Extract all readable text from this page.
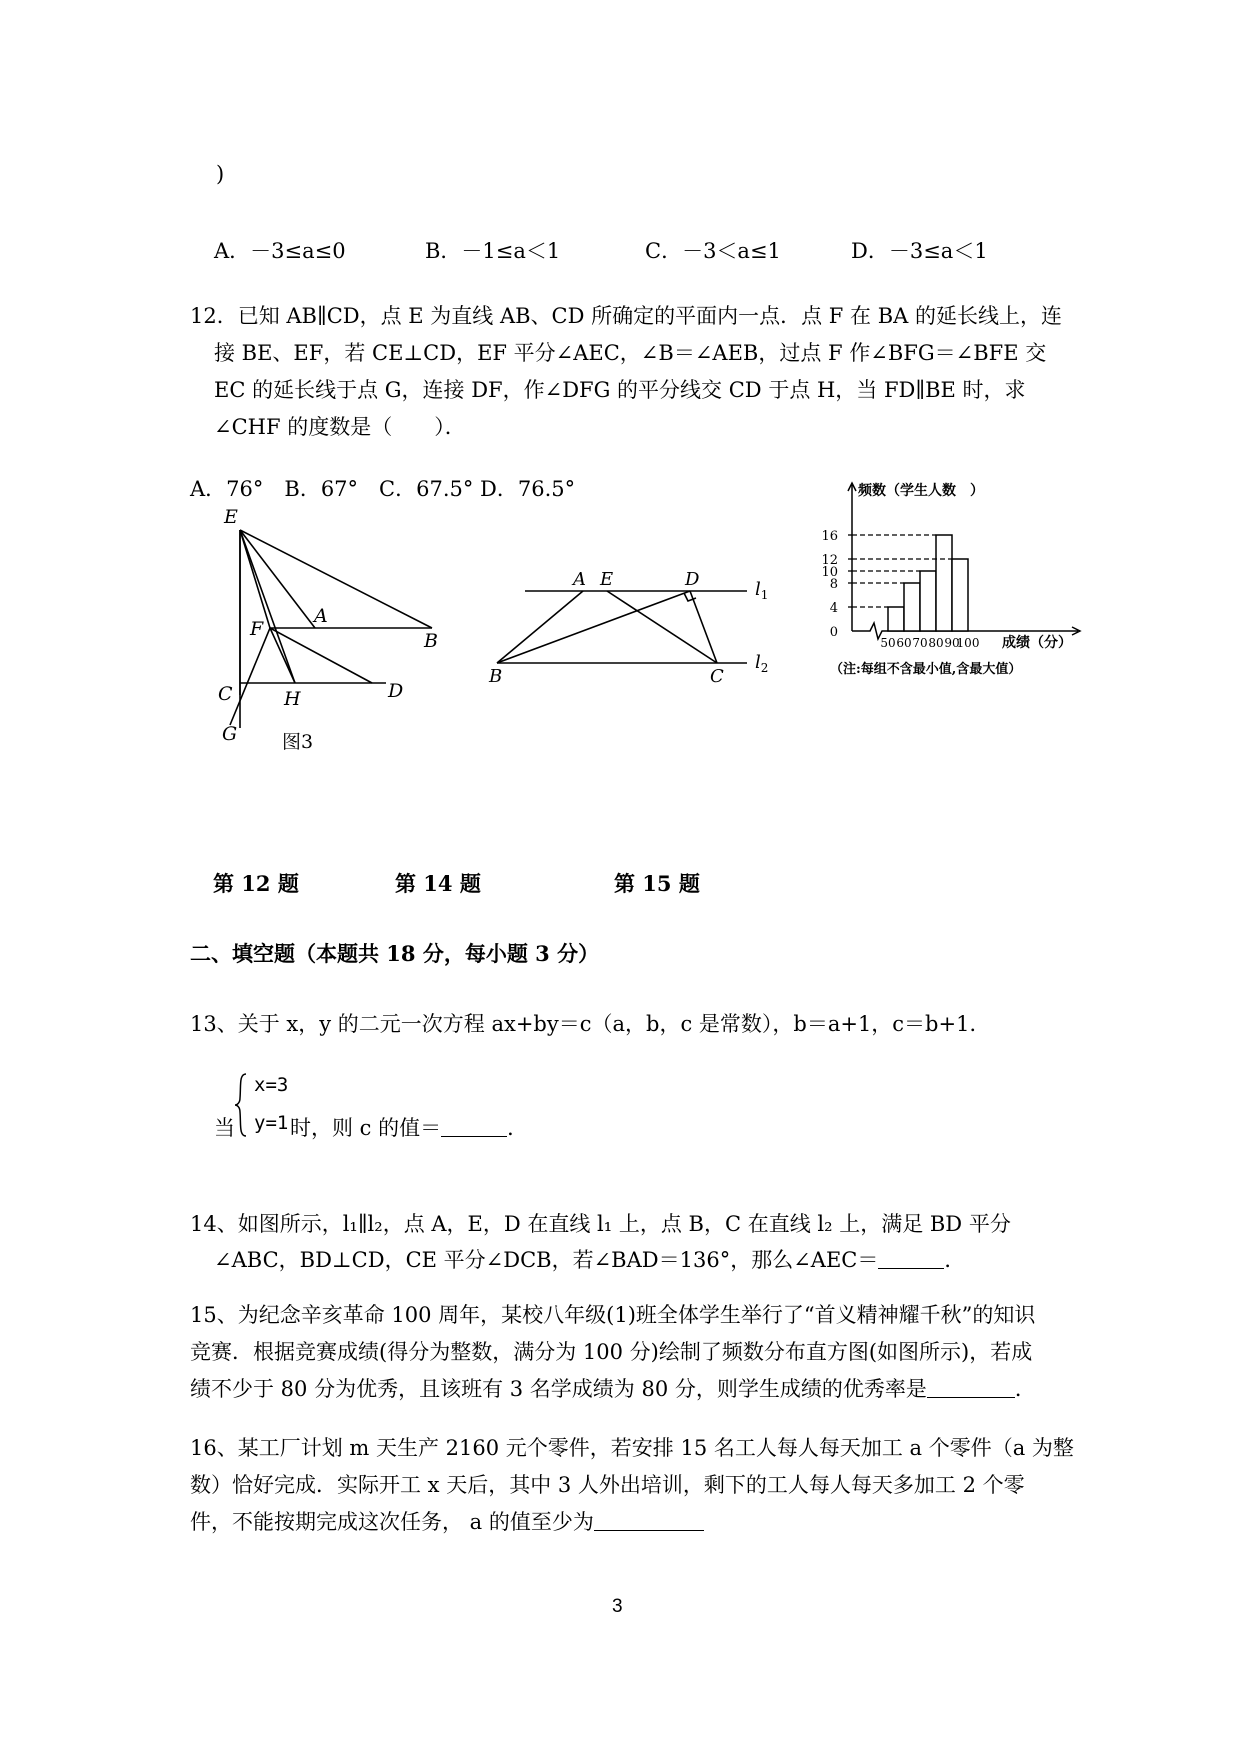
)
A．－3≤a≤0	B．－1≤a＜1	C．－3＜a≤1	D．－3≤a＜1
12．已知 AB∥CD，点 E 为直线 AB、CD 所确定的平面内一点．点 F 在 BA 的延长线上，连
接 BE、EF，若 CE⊥CD，EF 平分∠AEC，∠B＝∠AEB，过点 F 作∠BFG＝∠BFE 交
EC 的延长线于点 G，连接 DF，作∠DFG 的平分线交 CD 于点 H，当 FD∥BE 时，求
∠CHF 的度数是（　　）．
A．76°　B．67°　C．67.5° D．76.5°
E
A
B
F
C	H	D
G 图3
A E	D
B	C
$l_1$
$l_2$
0
4
8
10
12
16
50 60 70 80 90
100
频数（学生人数　）
成绩（分）
（注:每组不含最小值,含最大值）
第 12 题	第 14 题	第 15 题
二、填空题（本题共 18 分，每小题 3 分）
13、关于 x，y 的二元一次方程 ax+by＝c（a，b，c 是常数），b＝a+1，c＝b+1．
当
x=3
y=1 时，则 c 的值＝	．
14、如图所示，l₁∥l₂，点 A，E，D 在直线 l₁ 上，点 B，C 在直线 l₂ 上，满足 BD 平分
∠ABC，BD⊥CD，CE 平分∠DCB，若∠BAD＝136°，那么∠AEC＝	．
15、为纪念辛亥革命 100 周年，某校八年级(1)班全体学生举行了“首义精神耀千秋”的知识
竞赛．根据竞赛成绩(得分为整数，满分为 100 分)绘制了频数分布直方图(如图所示)，若成
绩不少于 80 分为优秀，且该班有 3 名学成绩为 80 分，则学生成绩的优秀率是	．
16、某工厂计划 m 天生产 2160 元个零件，若安排 15 名工人每人每天加工 a 个零件（a 为整
数）恰好完成．实际开工 x 天后，其中 3 人外出培训，剩下的工人每人每天多加工 2 个零
件，不能按期完成这次任务， a 的值至少为
3
